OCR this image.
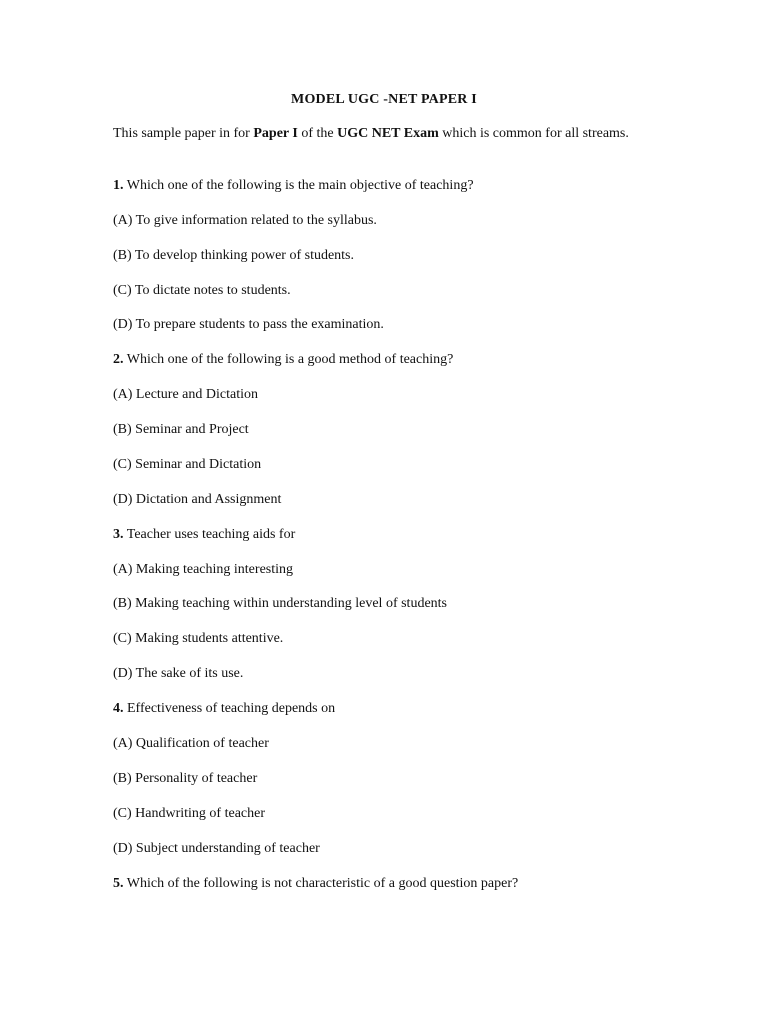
MODEL UGC -NET PAPER I
This sample paper in for Paper I of the UGC NET Exam which is common for all streams.
1. Which one of the following is the main objective of teaching?
(A) To give information related to the syllabus.
(B) To develop thinking power of students.
(C) To dictate notes to students.
(D) To prepare students to pass the examination.
2. Which one of the following is a good method of teaching?
(A) Lecture and Dictation
(B) Seminar and Project
(C) Seminar and Dictation
(D) Dictation and Assignment
3. Teacher uses teaching aids for
(A) Making teaching interesting
(B) Making teaching within understanding level of students
(C) Making students attentive.
(D) The sake of its use.
4. Effectiveness of teaching depends on
(A) Qualification of teacher
(B) Personality of teacher
(C) Handwriting of teacher
(D) Subject understanding of teacher
5. Which of the following is not characteristic of a good question paper?
